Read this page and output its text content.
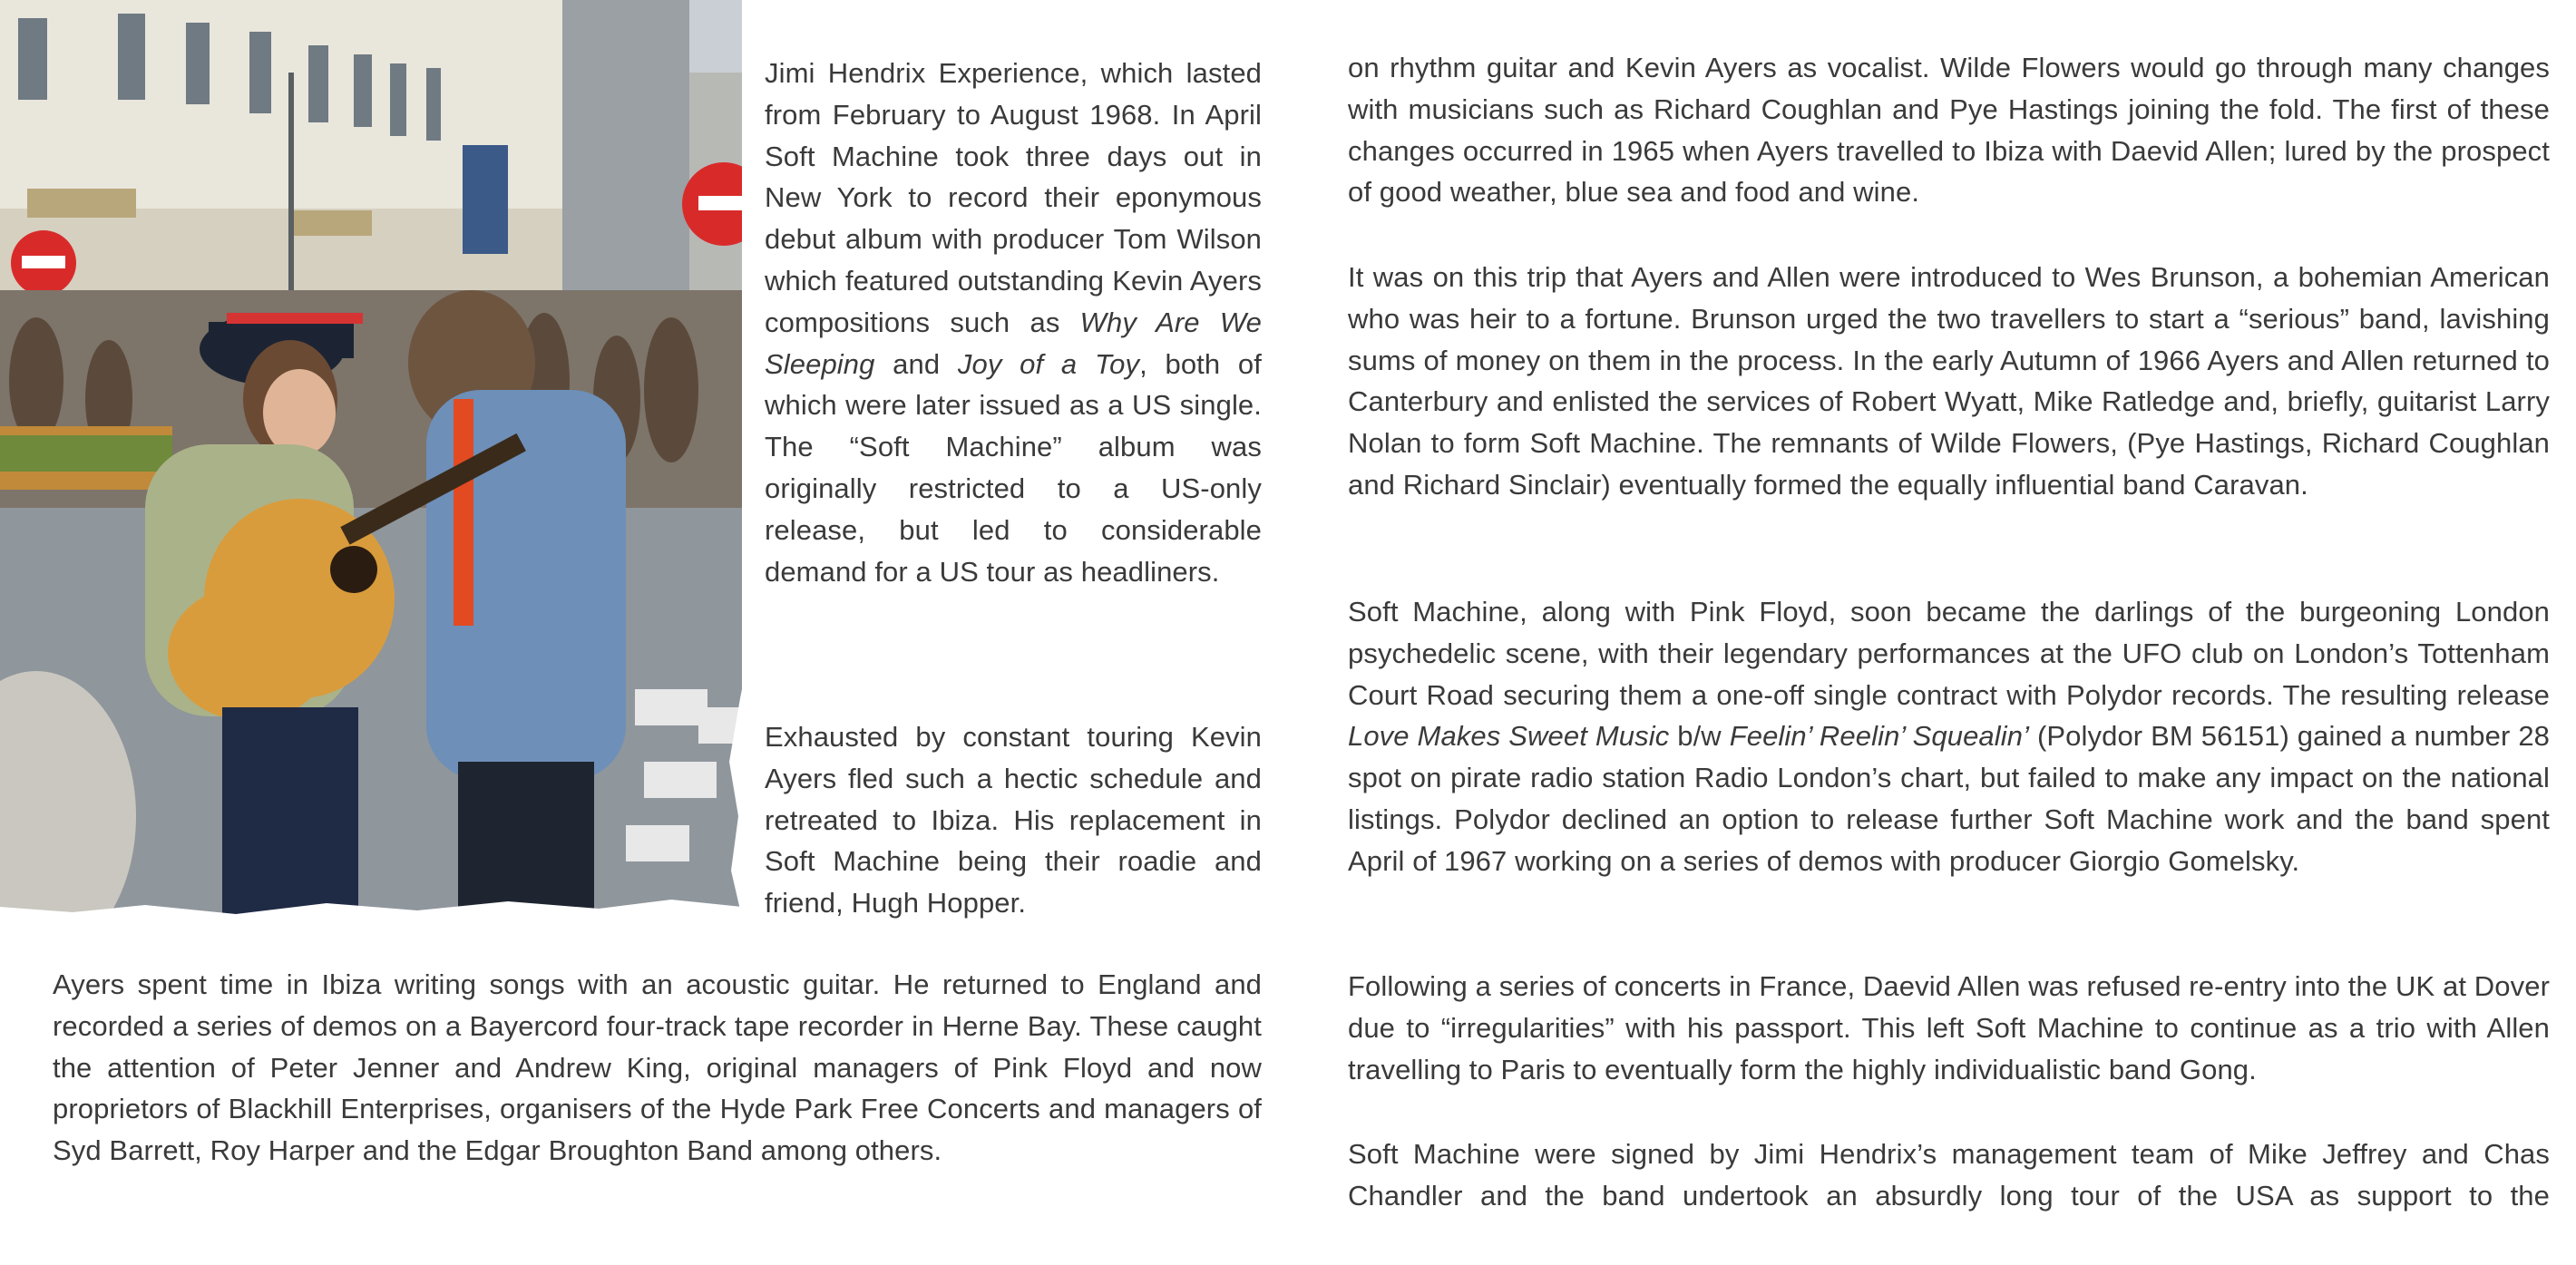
Jimi Hendrix Experience, which lasted from February to August 1968. In April Soft Machine took three days out in New York to record their eponymous debut album with producer Tom Wilson which featured outstanding Kevin Ayers compositions such as Why Are We Sleeping and Joy of a Toy, both of which were later issued as a US single. The “Soft Machine” album was originally restricted to a US-only release, but led to considerable demand for a US tour as headliners.

Exhausted by constant touring Kevin Ayers fled such a hectic schedule and retreated to Ibiza. His replacement in Soft Machine being their roadie and friend, Hugh Hopper.

Ayers spent time in Ibiza writing songs with an acoustic guitar. He returned to England and recorded a series of demos on a Bayercord four-track tape recorder in Herne Bay. These caught the attention of Peter Jenner and Andrew King, original managers of Pink Floyd and now proprietors of Blackhill Enterprises, organisers of the Hyde Park Free Concerts and managers of Syd Barrett, Roy Harper and the Edgar Broughton Band among others.

on rhythm guitar and Kevin Ayers as vocalist. Wilde Flowers would go through many changes with musicians such as Richard Coughlan and Pye Hastings joining the fold. The first of these changes occurred in 1965 when Ayers travelled to Ibiza with Daevid Allen; lured by the prospect of good weather, blue sea and food and wine.

It was on this trip that Ayers and Allen were introduced to Wes Brunson, a bohemian American who was heir to a fortune. Brunson urged the two travellers to start a “serious” band, lavishing sums of money on them in the process. In the early Autumn of 1966 Ayers and Allen returned to Canterbury and enlisted the services of Robert Wyatt, Mike Ratledge and, briefly, guitarist Larry Nolan to form Soft Machine. The remnants of Wilde Flowers, (Pye Hastings, Richard Coughlan and Richard Sinclair) eventually formed the equally influential band Caravan.

Soft Machine, along with Pink Floyd, soon became the darlings of the burgeoning London psychedelic scene, with their legendary performances at the UFO club on London’s Tottenham Court Road securing them a one-off single contract with Polydor records. The resulting release Love Makes Sweet Music b/w Feelin’ Reelin’ Squealin’ (Polydor BM 56151) gained a number 28 spot on pirate radio station Radio London’s chart, but failed to make any impact on the national listings. Polydor declined an option to release further Soft Machine work and the band spent April of 1967 working on a series of demos with producer Giorgio Gomelsky.

Following a series of concerts in France, Daevid Allen was refused re-entry into the UK at Dover due to “irregularities” with his passport. This left Soft Machine to continue as a trio with Allen travelling to Paris to eventually form the highly individualistic band Gong.

Soft Machine were signed by Jimi Hendrix’s management team of Mike Jeffrey and Chas Chandler and the band undertook an absurdly long tour of the USA as support to the
